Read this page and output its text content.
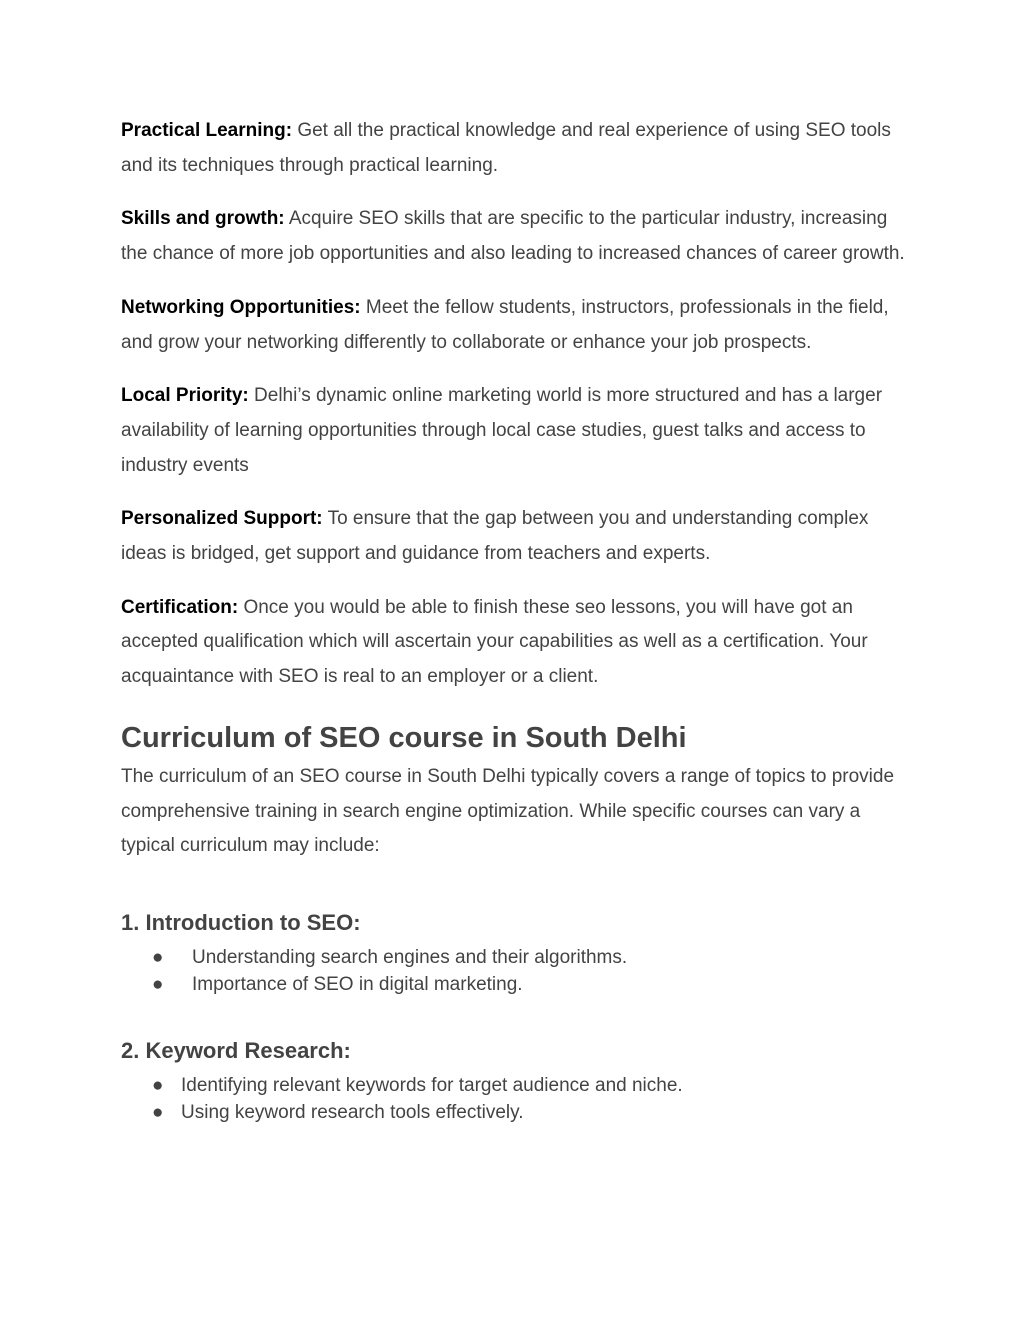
Practical Learning: Get all the practical knowledge and real experience of using SEO tools and its techniques through practical learning.

Skills and growth: Acquire SEO skills that are specific to the particular industry, increasing the chance of more job opportunities and also leading to increased chances of career growth.

Networking Opportunities: Meet the fellow students, instructors, professionals in the field, and grow your networking differently to collaborate or enhance your job prospects.

Local Priority: Delhi’s dynamic online marketing world is more structured and has a larger availability of learning opportunities through local case studies, guest talks and access to industry events

Personalized Support: To ensure that the gap between you and understanding complex ideas is bridged, get support and guidance from teachers and experts.

Certification: Once you would be able to finish these seo lessons, you will have got an accepted qualification which will ascertain your capabilities as well as a certification. Your acquaintance with SEO is real to an employer or a client.

Curriculum of SEO course in South Delhi

The curriculum of an SEO course in South Delhi typically covers a range of topics to provide comprehensive training in search engine optimization. While specific courses can vary a typical curriculum may include:

1. Introduction to SEO:
● Understanding search engines and their algorithms.
● Importance of SEO in digital marketing.
2. Keyword Research:
● Identifying relevant keywords for target audience and niche.
● Using keyword research tools effectively.
